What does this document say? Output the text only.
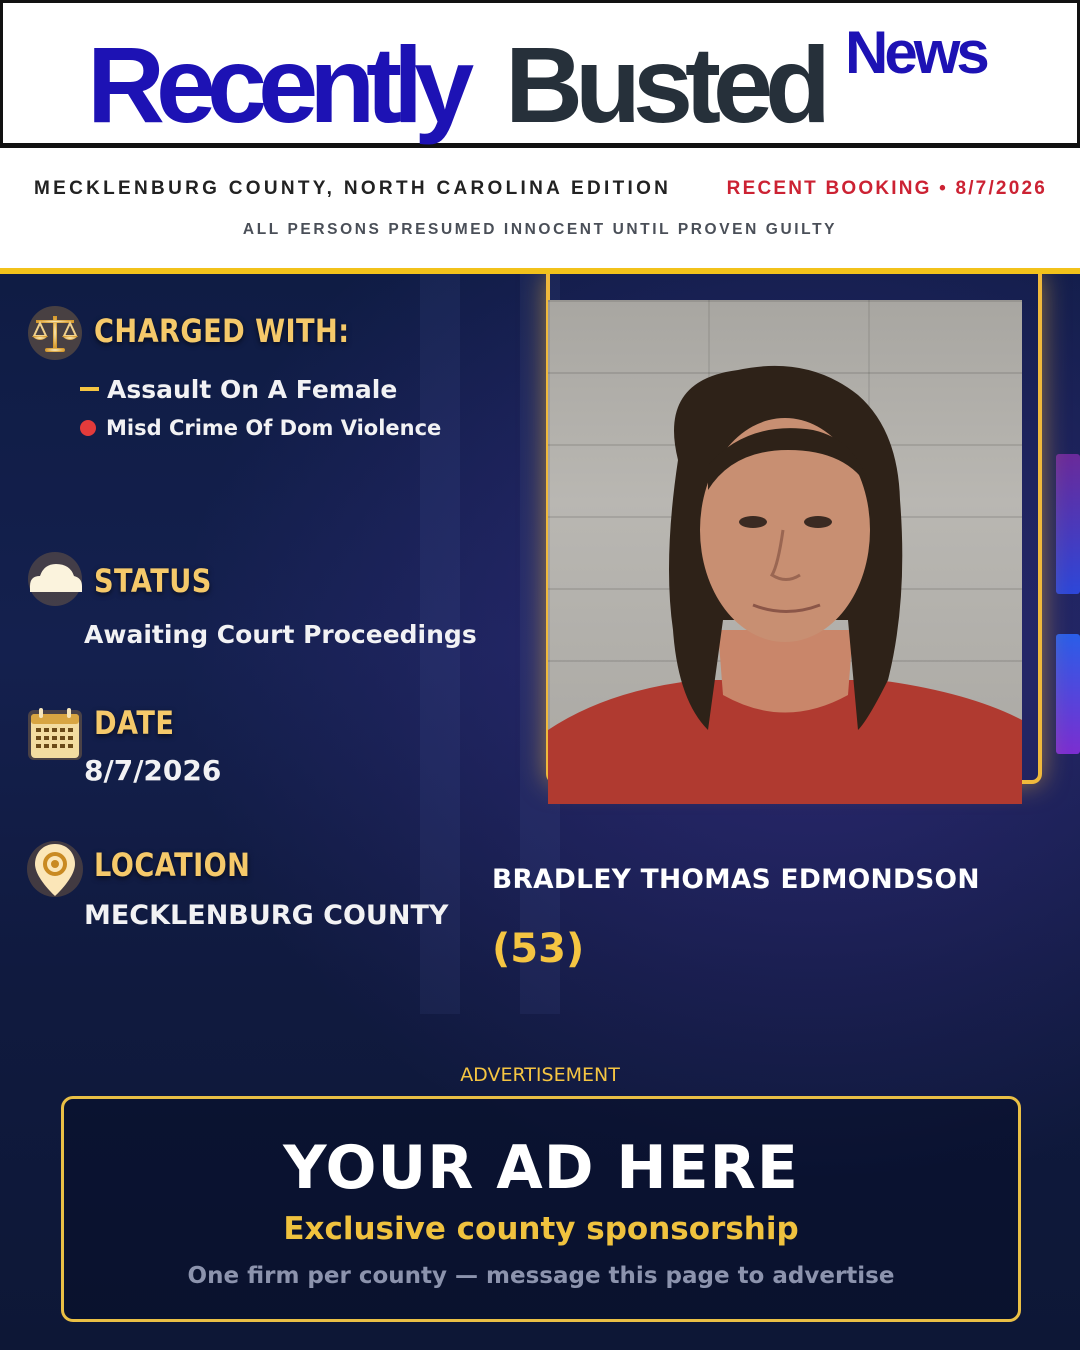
Recently Busted News
MECKLENBURG COUNTY, NORTH CAROLINA EDITION	RECENT BOOKING • 8/7/2026
ALL PERSONS PRESUMED INNOCENT UNTIL PROVEN GUILTY
CHARGED WITH:
Assault On A Female
Misd Crime Of Dom Violence
STATUS
Awaiting Court Proceedings
DATE
8/7/2026
LOCATION
MECKLENBURG COUNTY
BRADLEY THOMAS EDMONDSON
(53)
ADVERTISEMENT
YOUR AD HERE
Exclusive county sponsorship
One firm per county — message this page to advertise
